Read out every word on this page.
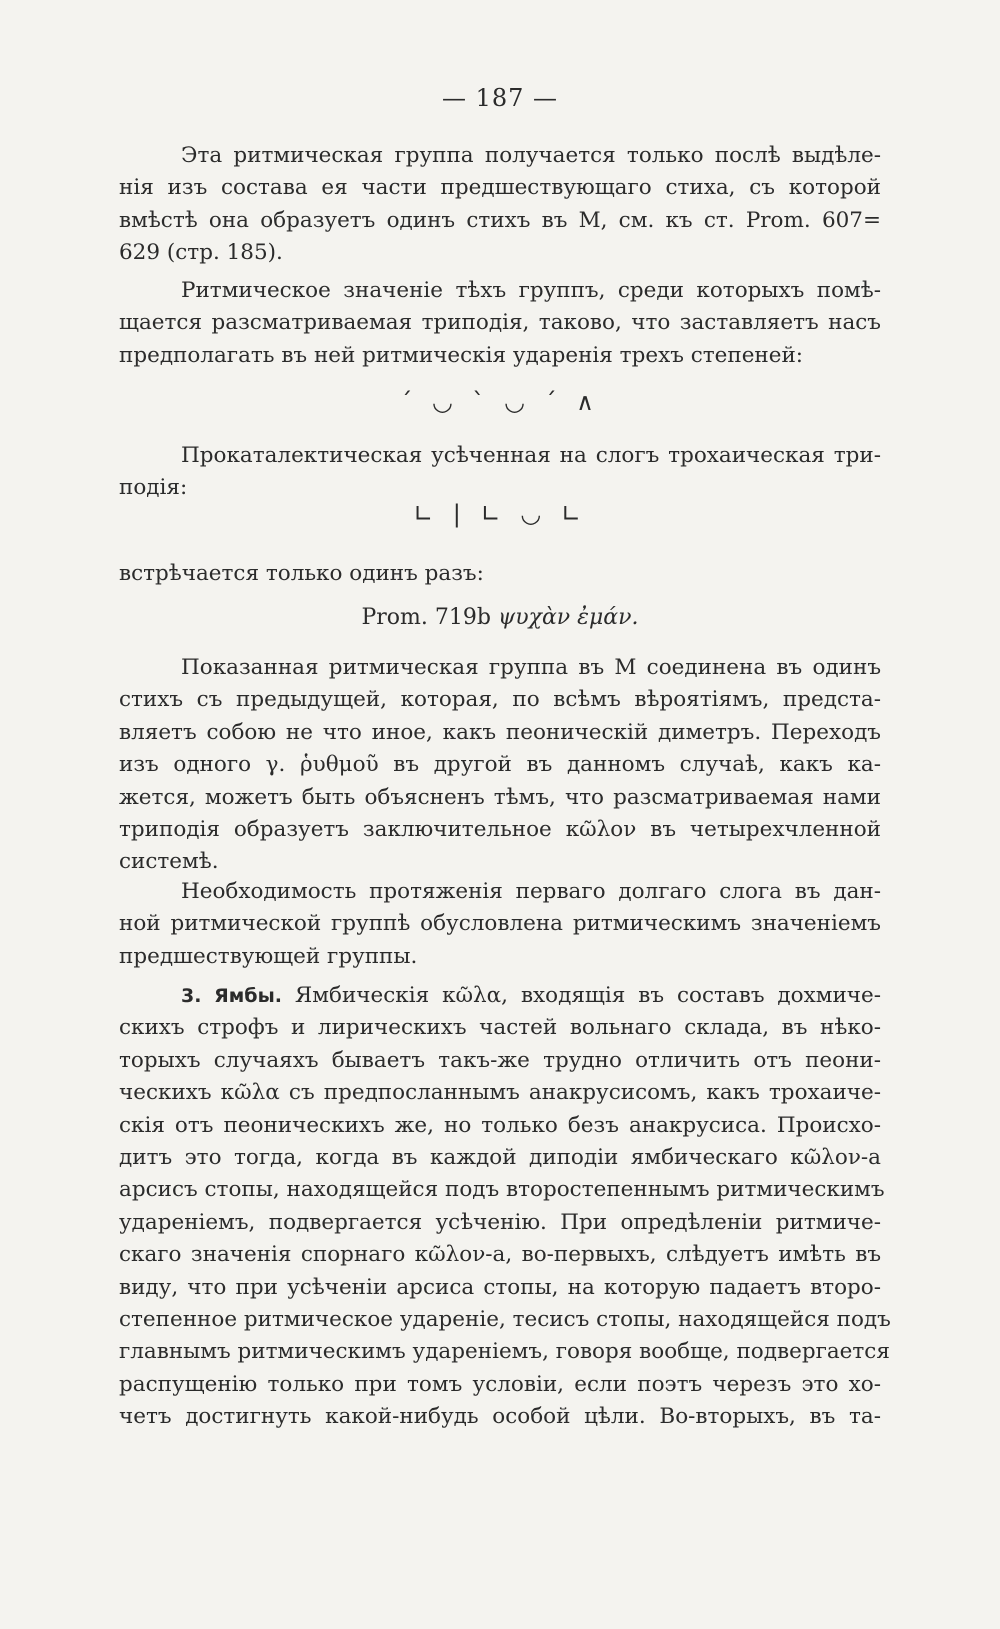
— 187 —
Эта ритмическая группа получается только послѣ выдѣле-
нія изъ состава ея части предшествующаго стиха, съ которой
вмѣстѣ она образуетъ одинъ стихъ въ M, см. къ ст. Prom. 607=
629 (стр. 185).
Ритмическое значеніе тѣхъ группъ, среди которыхъ помѣ-
щается разсматриваемая триподія, таково, что заставляетъ насъ
предполагать въ ней ритмическія ударенія трехъ степеней:
´ ◡ ` ◡ ´ ∧
Прокаталектическая усѣченная на слогъ трохаическая три-
подія:
∟ | ∟ ◡ ∟
встрѣчается только одинъ разъ:
Prom. 719b ψυχὰν ἐμάν.
Показанная ритмическая группа въ M соединена въ одинъ
стихъ съ предыдущей, которая, по всѣмъ вѣроятіямъ, предста-
вляетъ собою не что иное, какъ пеоническій диметръ. Переходъ
изъ одного γ. ῥυθμοῦ въ другой въ данномъ случаѣ, какъ ка-
жется, можетъ быть объясненъ тѣмъ, что разсматриваемая нами
триподія образуетъ заключительное κῶλον въ четырехчленной
системѣ.
Необходимость протяженія перваго долгаго слога въ дан-
ной ритмической группѣ обусловлена ритмическимъ значеніемъ
предшествующей группы.
3. Ямбы. Ямбическія κῶλα, входящія въ составъ дохмиче-
скихъ строфъ и лирическихъ частей вольнаго склада, въ нѣко-
торыхъ случаяхъ бываетъ такъ-же трудно отличить отъ пеони-
ческихъ κῶλα съ предпосланнымъ анакрусисомъ, какъ трохаиче-
скія отъ пеоническихъ же, но только безъ анакрусиса. Происхо-
дитъ это тогда, когда въ каждой диподіи ямбическаго κῶλον-а
арсисъ стопы, находящейся подъ второстепеннымъ ритмическимъ
удареніемъ, подвергается усѣченію. При опредѣленіи ритмиче-
скаго значенія спорнаго κῶλον-а, во-первыхъ, слѣдуетъ имѣть въ
виду, что при усѣченіи арсиса стопы, на которую падаетъ второ-
степенное ритмическое удареніе, тесисъ стопы, находящейся подъ
главнымъ ритмическимъ удареніемъ, говоря вообще, подвергается
распущенію только при томъ условіи, если поэтъ черезъ это хо-
четъ достигнуть какой-нибудь особой цѣли. Во-вторыхъ, въ та-
